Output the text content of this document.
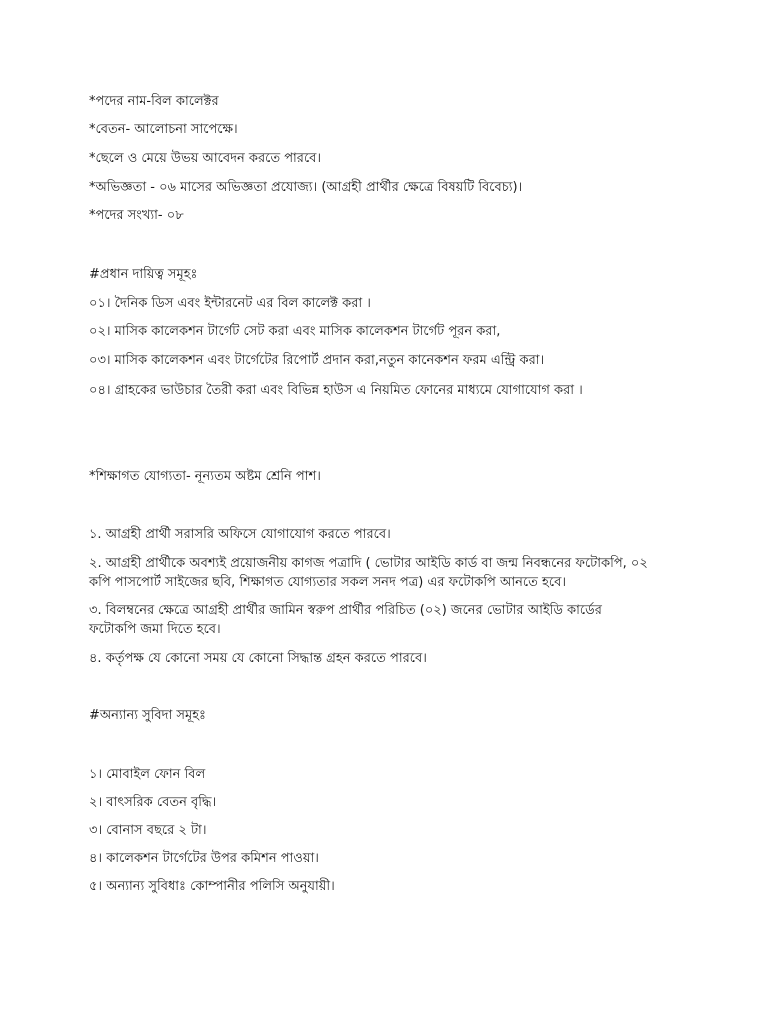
*পদের নাম-বিল কালেক্টর
*বেতন- আলোচনা সাপেক্ষে।
*ছেলে ও মেয়ে উভয় আবেদন করতে পারবে।
*অভিজ্ঞতা - ০৬ মাসের অভিজ্ঞতা প্রযোজ্য। (আগ্রহী প্রার্থীর ক্ষেত্রে বিষয়টি বিবেচ্য)।
*পদের সংখ্যা- ০৮
#প্রধান দায়িত্ব সমূহঃ
০১। দৈনিক ডিস এবং ইন্টারনেট এর বিল কালেক্ট করা ।
০২। মাসিক কালেকশন টার্গেট সেট করা এবং মাসিক কালেকশন টার্গেট পূরন করা,
০৩। মাসিক কালেকশন এবং টার্গেটের রিপোর্ট প্রদান করা,নতুন কানেকশন ফরম এন্ট্রি করা।
০৪। গ্রাহকের ভাউচার তৈরী করা এবং বিভিন্ন হাউস এ নিয়মিত ফোনের মাধ্যমে যোগাযোগ করা ।
*শিক্ষাগত যোগ্যতা- নূন্যতম অষ্টম শ্রেনি পাশ।
১. আগ্রহী প্রার্থী সরাসরি অফিসে যোগাযোগ করতে পারবে।
২. আগ্রহী প্রার্থীকে অবশ্যই প্রয়োজনীয় কাগজ পত্রাদি ( ভোটার আইডি কার্ড বা জন্ম নিবন্ধনের ফটোকপি, ০২ কপি পাসপোর্ট সাইজের ছবি, শিক্ষাগত যোগ্যতার সকল সনদ পত্র) এর ফটোকপি আনতে হবে।
৩. বিলম্বনের ক্ষেত্রে আগ্রহী প্রার্থীর জামিন স্বরুপ প্রার্থীর পরিচিত (০২) জনের ভোটার আইডি কার্ডের ফটোকপি জমা দিতে হবে।
৪. কর্তৃপক্ষ যে কোনো সময় যে কোনো সিদ্ধান্ত গ্রহন করতে পারবে।
#অন্যান্য সুবিদা সমূহঃ
১। মোবাইল ফোন বিল
২। বাৎসরিক বেতন বৃদ্ধি।
৩। বোনাস বছরে ২ টা।
৪। কালেকশন টার্গেটের উপর কমিশন পাওয়া।
৫। অন্যান্য সুবিধাঃ কোম্পানীর পলিসি অনুযায়ী।
